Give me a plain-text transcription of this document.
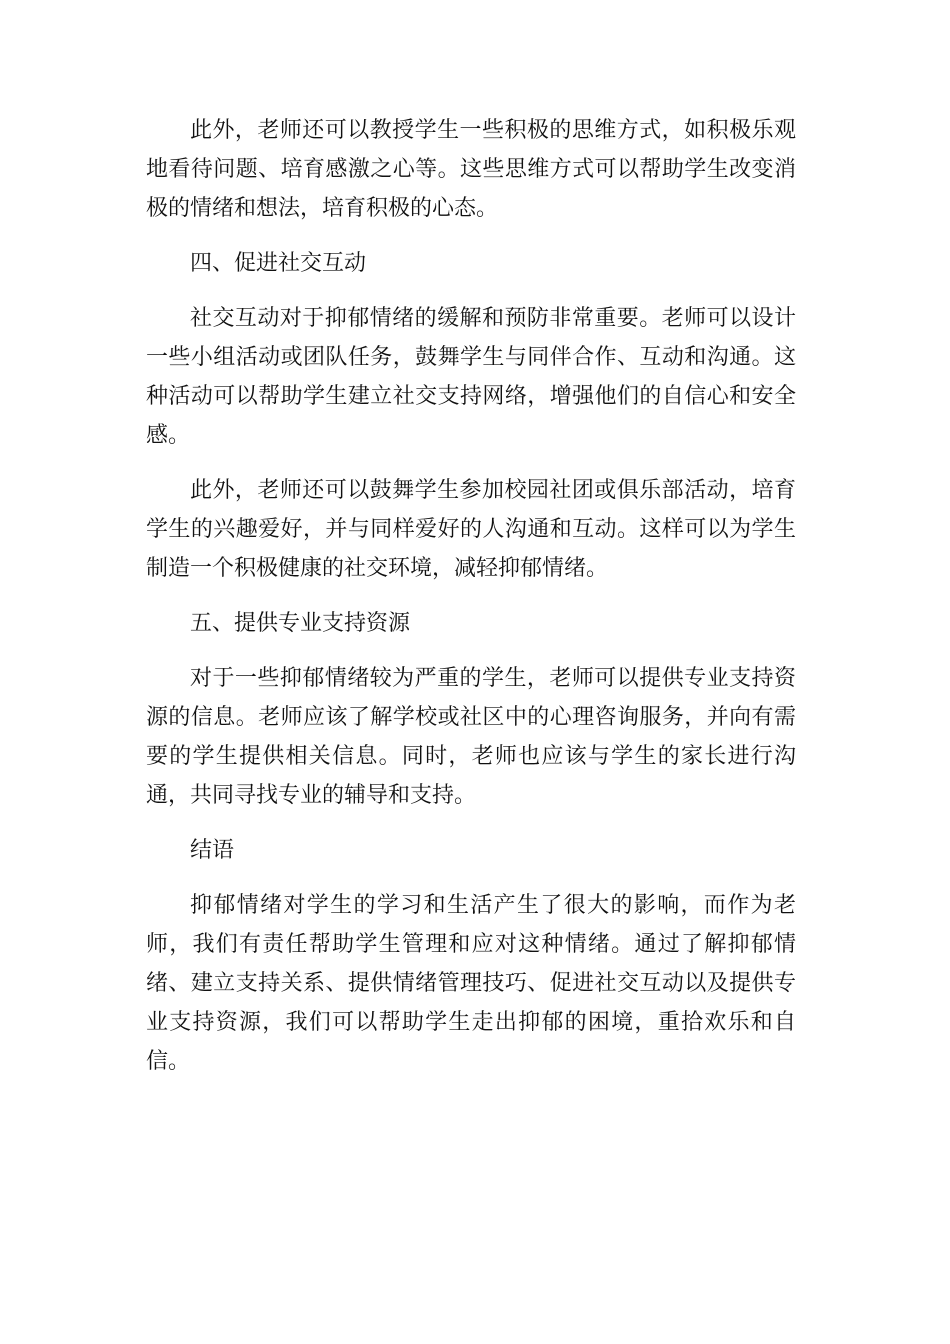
此外，老师还可以教授学生一些积极的思维方式，如积极乐观地看待问题、培育感激之心等。这些思维方式可以帮助学生改变消极的情绪和想法，培育积极的心态。

四、促进社交互动

社交互动对于抑郁情绪的缓解和预防非常重要。老师可以设计一些小组活动或团队任务，鼓舞学生与同伴合作、互动和沟通。这种活动可以帮助学生建立社交支持网络，增强他们的自信心和安全感。

此外，老师还可以鼓舞学生参加校园社团或俱乐部活动，培育学生的兴趣爱好，并与同样爱好的人沟通和互动。这样可以为学生制造一个积极健康的社交环境，减轻抑郁情绪。

五、提供专业支持资源

对于一些抑郁情绪较为严重的学生，老师可以提供专业支持资源的信息。老师应该了解学校或社区中的心理咨询服务，并向有需要的学生提供相关信息。同时，老师也应该与学生的家长进行沟通，共同寻找专业的辅导和支持。

结语

抑郁情绪对学生的学习和生活产生了很大的影响，而作为老师，我们有责任帮助学生管理和应对这种情绪。通过了解抑郁情绪、建立支持关系、提供情绪管理技巧、促进社交互动以及提供专业支持资源，我们可以帮助学生走出抑郁的困境，重拾欢乐和自信。
